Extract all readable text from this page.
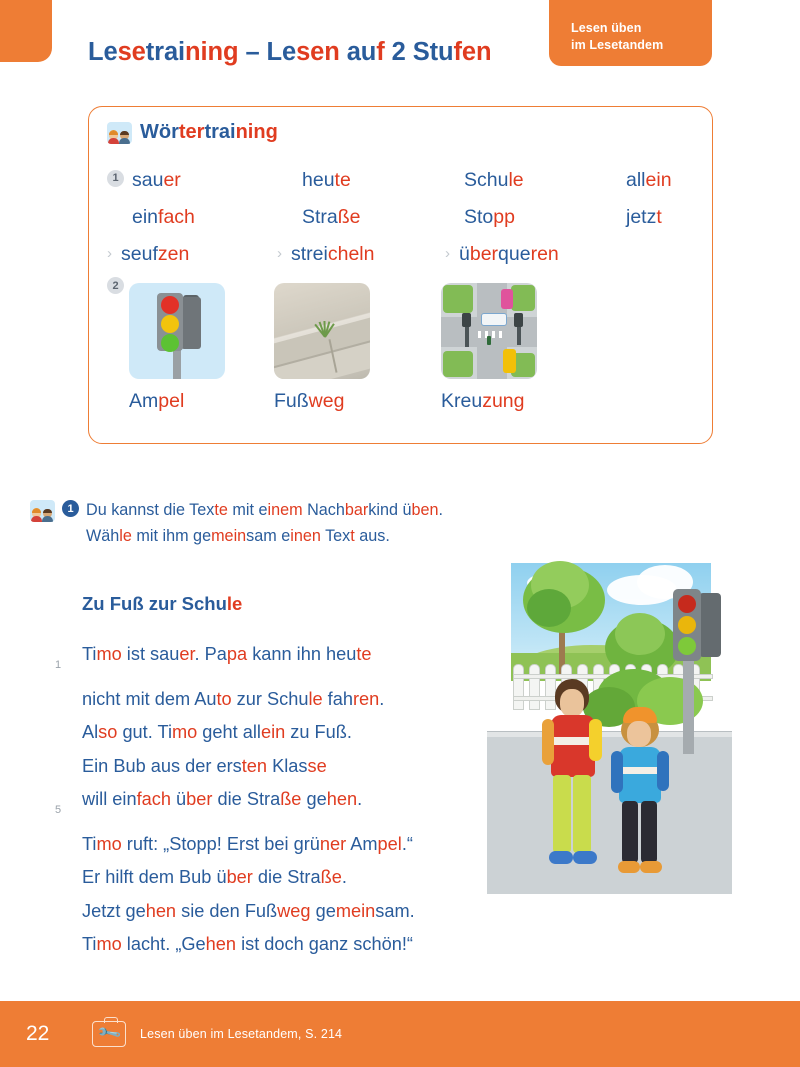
Lesen üben
im Lesetandem
Lesetraining – Lesen auf 2 Stufen
Wörtertraining
1 sauer	heute	Schule	allein
einfach	Straße	Stopp	jetzt
› seufzen	› streicheln	› überqueren
2
Ampel	Fußweg	Kreuzung
1 Du kannst die Texte mit einem Nachbarkind üben.
Wähle mit ihm gemeinsam einen Text aus.
Zu Fuß zur Schule
1
Timo ist sauer. Papa kann ihn heute
nicht mit dem Auto zur Schule fahren.
Also gut. Timo geht allein zu Fuß.
Ein Bub aus der ersten Klasse
5
will einfach über die Straße gehen.
Timo ruft: „Stopp! Erst bei grüner Ampel.“
Er hilft dem Bub über die Straße.
Jetzt gehen sie den Fußweg gemeinsam.
Timo lacht. „Gehen ist doch ganz schön!“
22	🔧 Lesen üben im Lesetandem, S. 214
